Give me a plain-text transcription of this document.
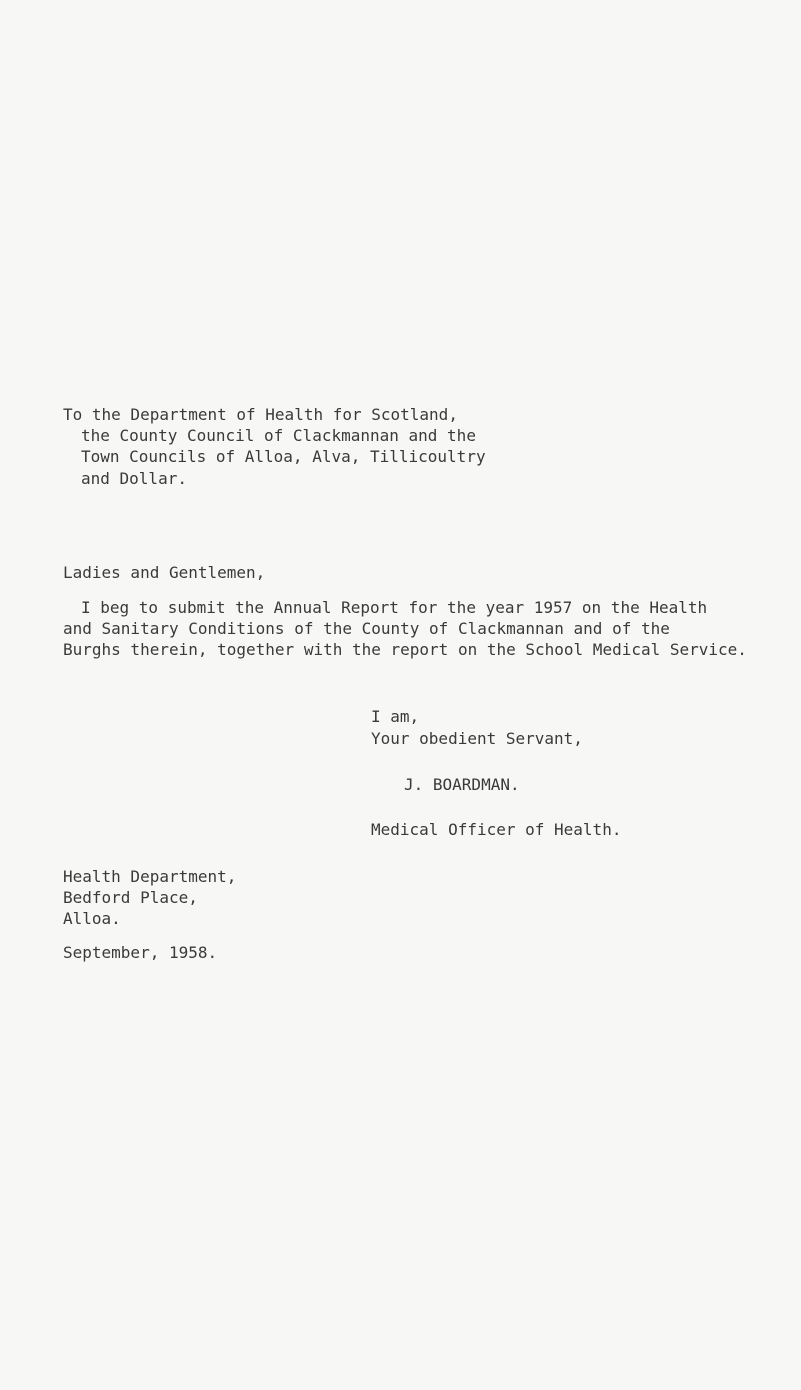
To the Department of Health for Scotland,
the County Council of Clackmannan and the
Town Councils of Alloa, Alva, Tillicoultry
and Dollar.
Ladies and Gentlemen,
I beg to submit the Annual Report for the year 1957 on the Health
and Sanitary Conditions of the County of Clackmannan and of the
Burghs therein, together with the report on the School Medical Service.
I am,
Your obedient Servant,
J. BOARDMAN.
Medical Officer of Health.
Health Department,
Bedford Place,
Alloa.
September, 1958.
